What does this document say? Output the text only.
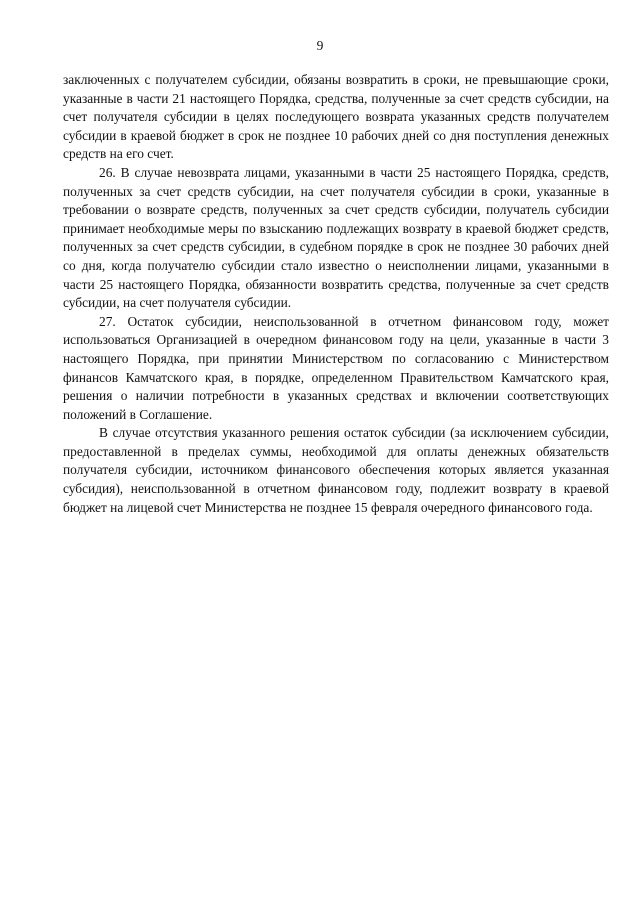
9

заключенных с получателем субсидии, обязаны возвратить в сроки, не превышающие сроки, указанные в части 21 настоящего Порядка, средства, полученные за счет средств субсидии, на счет получателя субсидии в целях последующего возврата указанных средств получателем субсидии в краевой бюджет в срок не позднее 10 рабочих дней со дня поступления денежных средств на его счет.

26. В случае невозврата лицами, указанными в части 25 настоящего Порядка, средств, полученных за счет средств субсидии, на счет получателя субсидии в сроки, указанные в требовании о возврате средств, полученных за счет средств субсидии, получатель субсидии принимает необходимые меры по взысканию подлежащих возврату в краевой бюджет средств, полученных за счет средств субсидии, в судебном порядке в срок не позднее 30 рабочих дней со дня, когда получателю субсидии стало известно о неисполнении лицами, указанными в части 25 настоящего Порядка, обязанности возвратить средства, полученные за счет средств субсидии, на счет получателя субсидии.

27. Остаток субсидии, неиспользованной в отчетном финансовом году, может использоваться Организацией в очередном финансовом году на цели, указанные в части 3 настоящего Порядка, при принятии Министерством по согласованию с Министерством финансов Камчатского края, в порядке, определенном Правительством Камчатского края, решения о наличии потребности в указанных средствах и включении соответствующих положений в Соглашение.

В случае отсутствия указанного решения остаток субсидии (за исключением субсидии, предоставленной в пределах суммы, необходимой для оплаты денежных обязательств получателя субсидии, источником финансового обеспечения которых является указанная субсидия), неиспользованной в отчетном финансовом году, подлежит возврату в краевой бюджет на лицевой счет Министерства не позднее 15 февраля очередного финансового года.
